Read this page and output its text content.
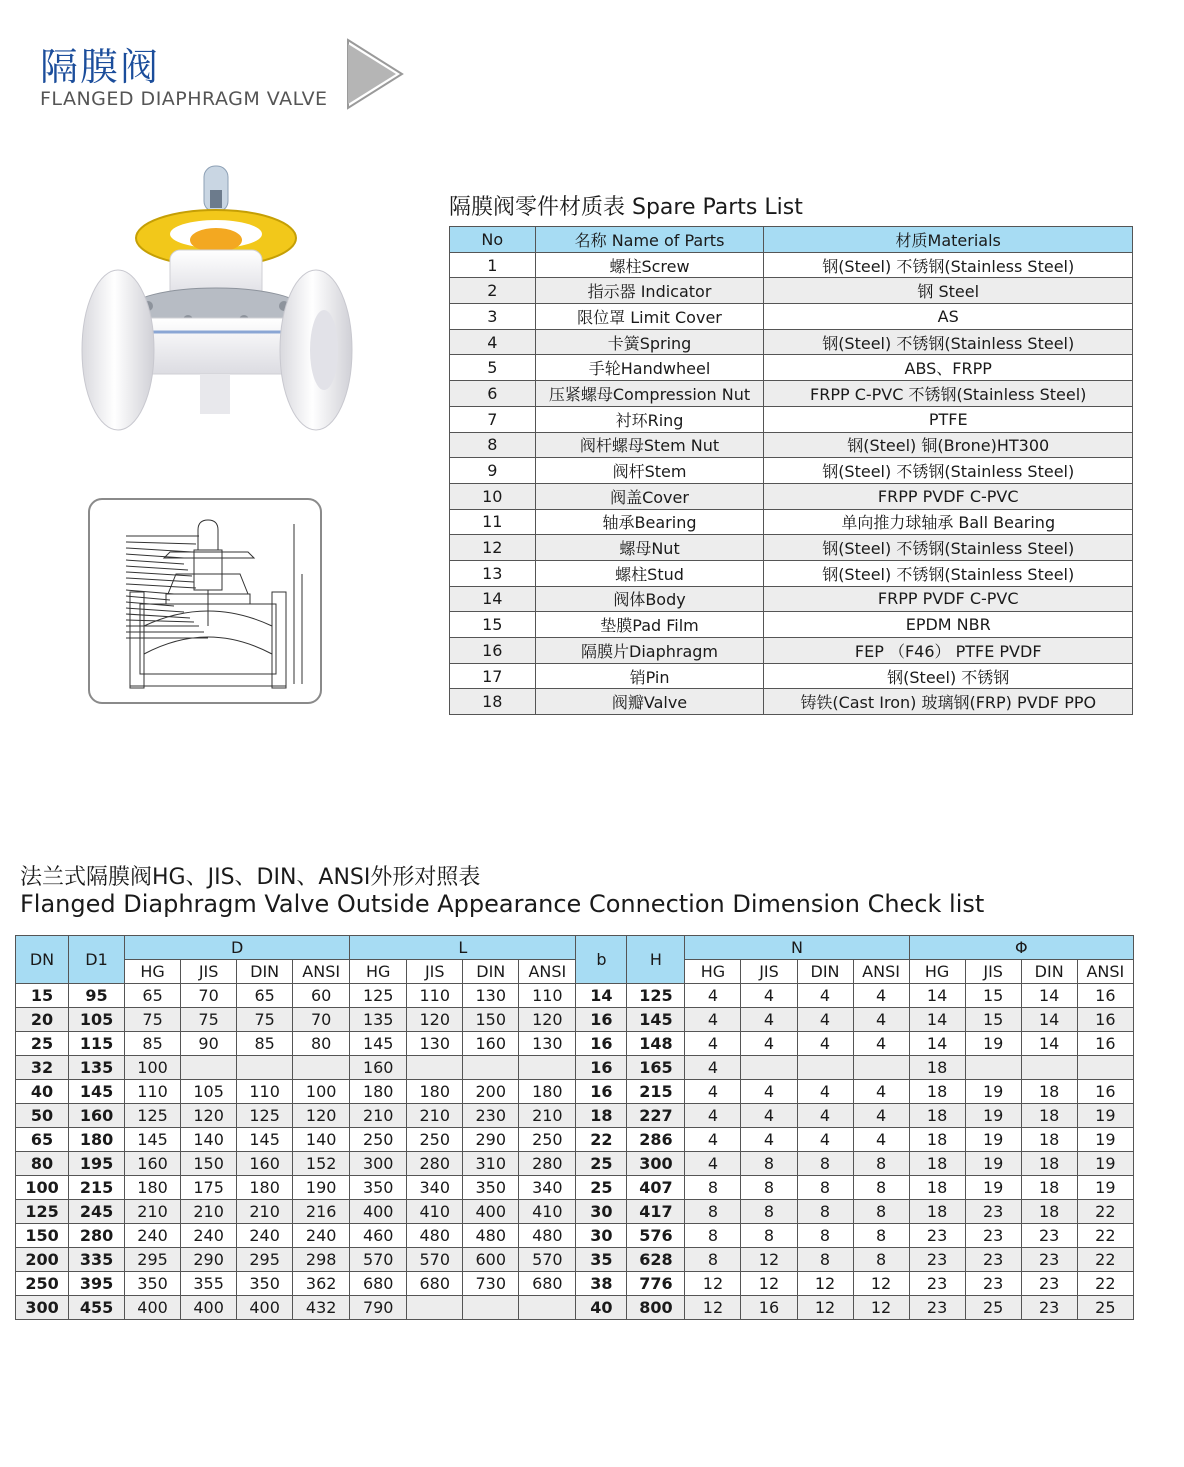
隔膜阀
FLANGED DIAPHRAGM VALVE
隔膜阀零件材质表 Spare Parts List
No	名称 Name of Parts	材质Materials
1	螺柱Screw	钢(Steel) 不锈钢(Stainless Steel)
2	指示器 Indicator	钢 Steel
3	限位罩 Limit Cover	AS
4	卡簧Spring	钢(Steel) 不锈钢(Stainless Steel)
5	手轮Handwheel	ABS、FRPP
6	压紧螺母Compression Nut	FRPP C-PVC 不锈钢(Stainless Steel)
7	衬环Ring	PTFE
8	阀杆螺母Stem Nut	钢(Steel) 铜(Brone)HT300
9	阀杆Stem	钢(Steel) 不锈钢(Stainless Steel)
10	阀盖Cover	FRPP PVDF C-PVC
11	轴承Bearing	单向推力球轴承 Ball Bearing
12	螺母Nut	钢(Steel) 不锈钢(Stainless Steel)
13	螺柱Stud	钢(Steel) 不锈钢(Stainless Steel)
14	阀体Body	FRPP PVDF C-PVC
15	垫膜Pad Film	EPDM NBR
16	隔膜片Diaphragm	FEP （F46） PTFE PVDF
17	销Pin	钢(Steel) 不锈钢
18	阀瓣Valve	铸铁(Cast Iron) 玻璃钢(FRP) PVDF PPO
法兰式隔膜阀HG、JIS、DIN、ANSI外形对照表
Flanged Diaphragm Valve Outside Appearance Connection Dimension Check list
DN	D1	D				L				b	H	N				Φ			
		HG	JIS	DIN	ANSI	HG	JIS	DIN	ANSI			HG	JIS	DIN	ANSI	HG	JIS	DIN	ANSI
15	95	65	70	65	60	125	110	130	110	14	125	4	4	4	4	14	15	14	16
20	105	75	75	75	70	135	120	150	120	16	145	4	4	4	4	14	15	14	16
25	115	85	90	85	80	145	130	160	130	16	148	4	4	4	4	14	19	14	16
32	135	100				160				16	165	4				18			
40	145	110	105	110	100	180	180	200	180	16	215	4	4	4	4	18	19	18	16
50	160	125	120	125	120	210	210	230	210	18	227	4	4	4	4	18	19	18	19
65	180	145	140	145	140	250	250	290	250	22	286	4	4	4	4	18	19	18	19
80	195	160	150	160	152	300	280	310	280	25	300	4	8	8	8	18	19	18	19
100	215	180	175	180	190	350	340	350	340	25	407	8	8	8	8	18	19	18	19
125	245	210	210	210	216	400	410	400	410	30	417	8	8	8	8	18	23	18	22
150	280	240	240	240	240	460	480	480	480	30	576	8	8	8	8	23	23	23	22
200	335	295	290	295	298	570	570	600	570	35	628	8	12	8	8	23	23	23	22
250	395	350	355	350	362	680	680	730	680	38	776	12	12	12	12	23	23	23	22
300	455	400	400	400	432	790				40	800	12	16	12	12	23	25	23	25
